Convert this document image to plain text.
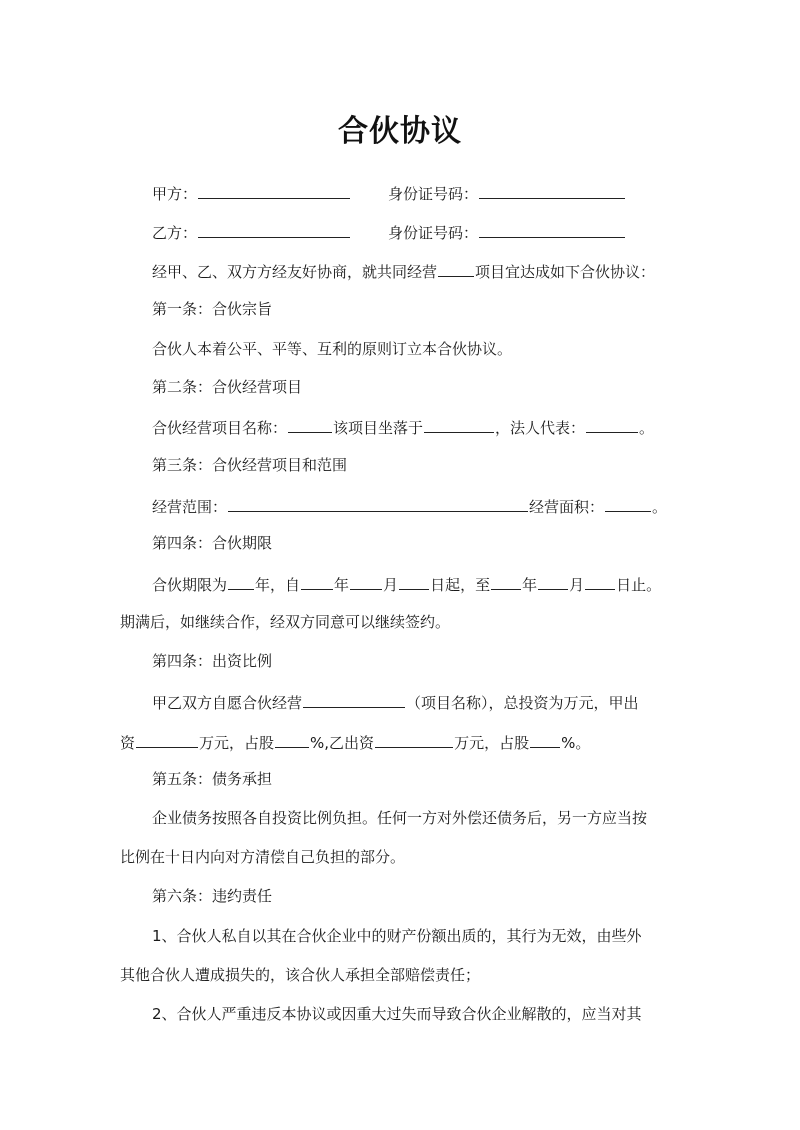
合伙协议
甲方：	身份证号码：
乙方：	身份证号码：
经甲、乙、双方方经友好协商，就共同经营	项目宜达成如下合伙协议：
第一条：合伙宗旨
合伙人本着公平、平等、互利的原则订立本合伙协议。
第二条：合伙经营项目
合伙经营项目名称：	该项目坐落于	，法人代表：	。
第三条：合伙经营项目和范围
经营范围：	经营面积：	。
第四条：合伙期限
合伙期限为 年，自 年 月 日起，至 年 月 日止。
期满后，如继续合作，经双方同意可以继续签约。
第四条：出资比例
甲乙双方自愿合伙经营	（项目名称），总投资为万元，甲出
资	万元，占股 %,乙出资	万元，占股 %。
第五条：债务承担
企业债务按照各自投资比例负担。任何一方对外偿还债务后，另一方应当按
比例在十日内向对方清偿自己负担的部分。
第六条：违约责任
1、合伙人私自以其在合伙企业中的财产份额出质的，其行为无效，由些外
其他合伙人遭成损失的，该合伙人承担全部赔偿责任；
2、合伙人严重违反本协议或因重大过失而导致合伙企业解散的，应当对其
